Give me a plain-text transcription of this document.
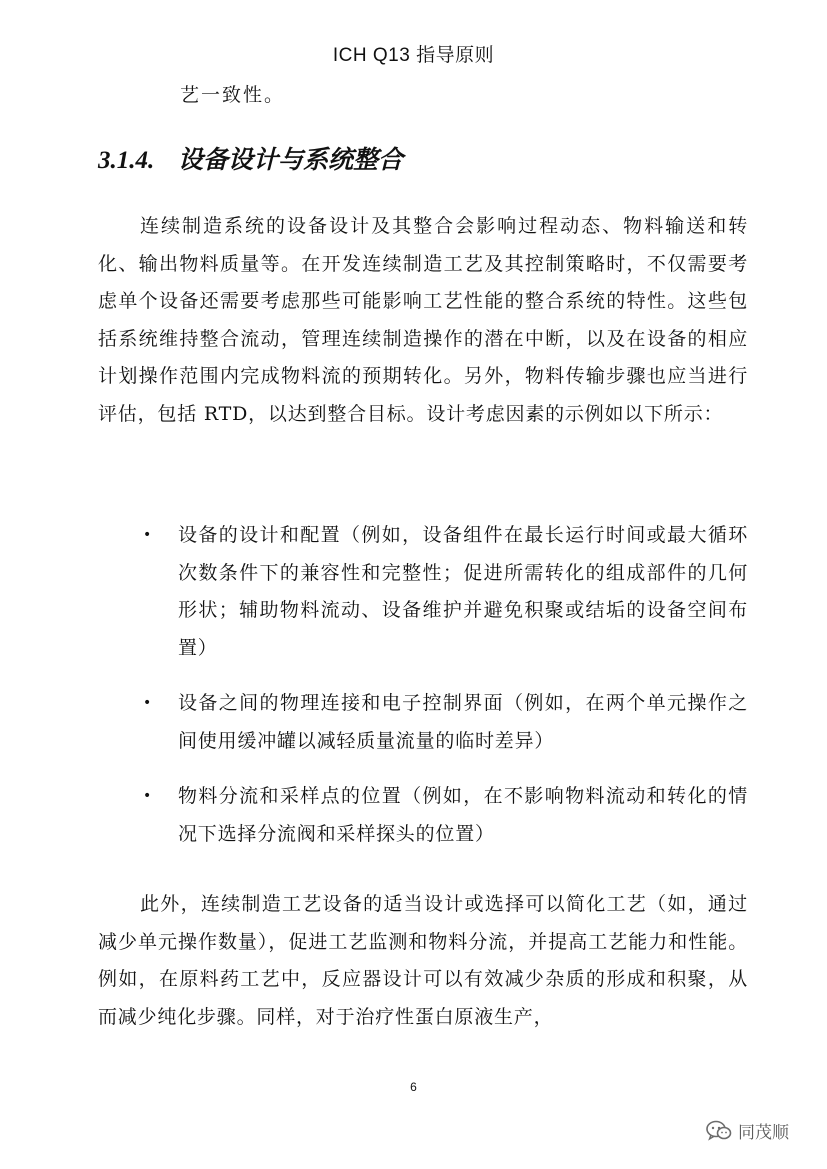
ICH Q13 指导原则
艺一致性。
3.1.4. 设备设计与系统整合
连续制造系统的设备设计及其整合会影响过程动态、物料输送和转化、输出物料质量等。在开发连续制造工艺及其控制策略时，不仅需要考虑单个设备还需要考虑那些可能影响工艺性能的整合系统的特性。这些包括系统维持整合流动，管理连续制造操作的潜在中断，以及在设备的相应计划操作范围内完成物料流的预期转化。另外，物料传输步骤也应当进行评估，包括 RTD，以达到整合目标。设计考虑因素的示例如以下所示：
• 设备的设计和配置（例如，设备组件在最长运行时间或最大循环次数条件下的兼容性和完整性；促进所需转化的组成部件的几何形状；辅助物料流动、设备维护并避免积聚或结垢的设备空间布置）
• 设备之间的物理连接和电子控制界面（例如，在两个单元操作之间使用缓冲罐以减轻质量流量的临时差异）
• 物料分流和采样点的位置（例如，在不影响物料流动和转化的情况下选择分流阀和采样探头的位置）
此外，连续制造工艺设备的适当设计或选择可以简化工艺（如，通过减少单元操作数量），促进工艺监测和物料分流，并提高工艺能力和性能。例如，在原料药工艺中，反应器设计可以有效减少杂质的形成和积聚，从而减少纯化步骤。同样，对于治疗性蛋白原液生产，
6
同茂顺
